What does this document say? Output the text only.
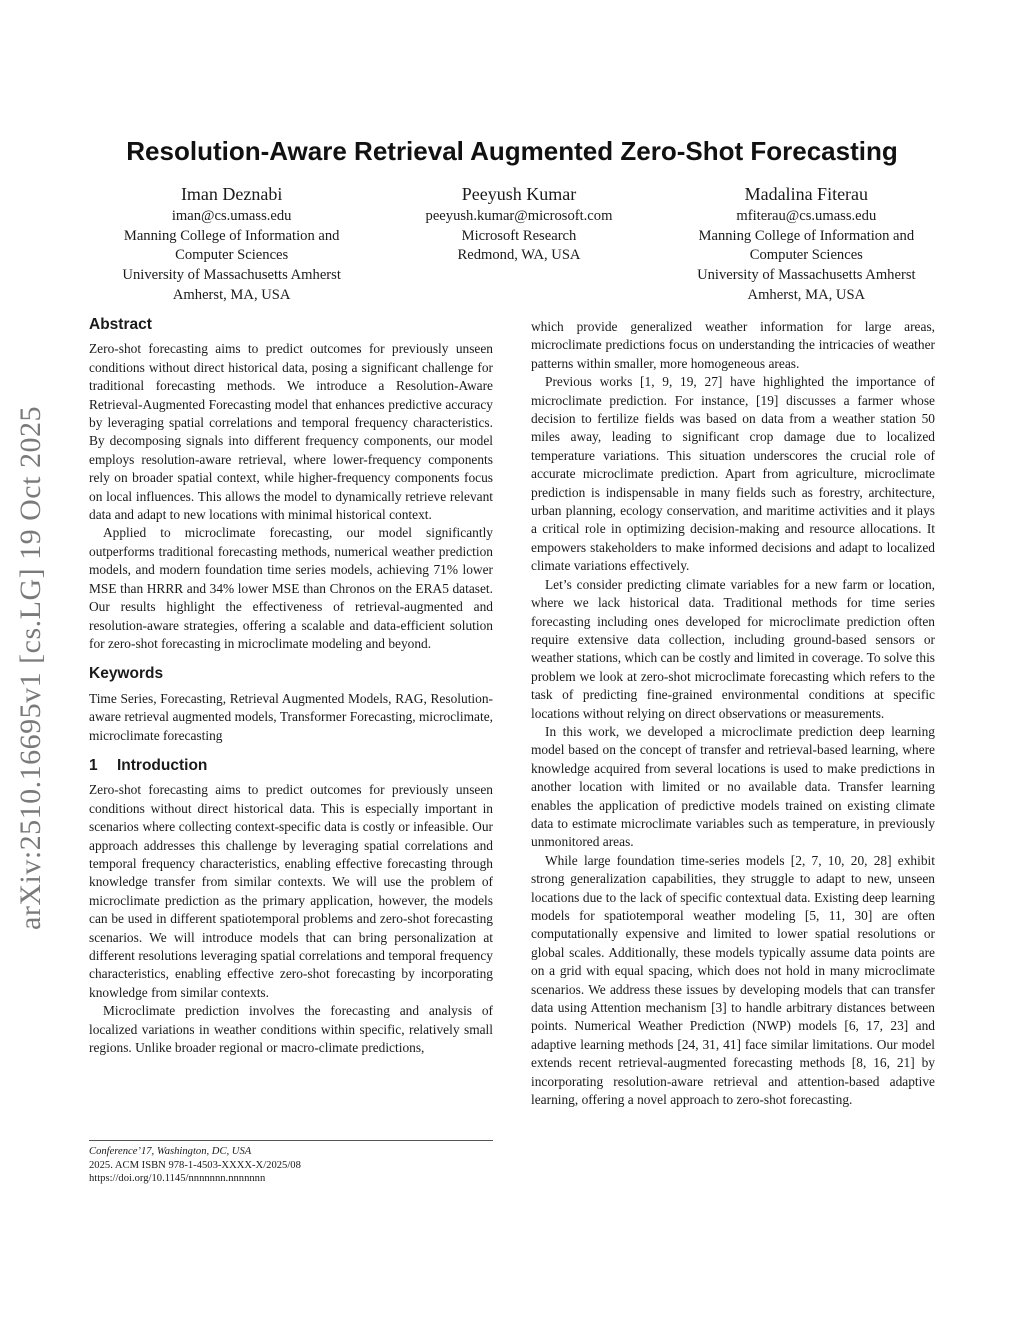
arXiv:2510.16695v1 [cs.LG] 19 Oct 2025
Resolution-Aware Retrieval Augmented Zero-Shot Forecasting
Iman Deznabi
iman@cs.umass.edu
Manning College of Information and
Computer Sciences
University of Massachusetts Amherst
Amherst, MA, USA
Peeyush Kumar
peeyush.kumar@microsoft.com
Microsoft Research
Redmond, WA, USA
Madalina Fiterau
mfiterau@cs.umass.edu
Manning College of Information and
Computer Sciences
University of Massachusetts Amherst
Amherst, MA, USA
Abstract

Zero-shot forecasting aims to predict outcomes for previously unseen conditions without direct historical data, posing a significant challenge for traditional forecasting methods. We introduce a Resolution-Aware Retrieval-Augmented Forecasting model that enhances predictive accuracy by leveraging spatial correlations and temporal frequency characteristics. By decomposing signals into different frequency components, our model employs resolution-aware retrieval, where lower-frequency components rely on broader spatial context, while higher-frequency components focus on local influences. This allows the model to dynamically retrieve relevant data and adapt to new locations with minimal historical context.

Applied to microclimate forecasting, our model significantly outperforms traditional forecasting methods, numerical weather prediction models, and modern foundation time series models, achieving 71% lower MSE than HRRR and 34% lower MSE than Chronos on the ERA5 dataset. Our results highlight the effectiveness of retrieval-augmented and resolution-aware strategies, offering a scalable and data-efficient solution for zero-shot forecasting in microclimate modeling and beyond.

Keywords

Time Series, Forecasting, Retrieval Augmented Models, RAG, Resolution-aware retrieval augmented models, Transformer Forecasting, microclimate, microclimate forecasting

1 Introduction

Zero-shot forecasting aims to predict outcomes for previously unseen conditions without direct historical data. This is especially important in scenarios where collecting context-specific data is costly or infeasible. Our approach addresses this challenge by leveraging spatial correlations and temporal frequency characteristics, enabling effective forecasting through knowledge transfer from similar contexts. We will use the problem of microclimate prediction as the primary application, however, the models can be used in different spatiotemporal problems and zero-shot forecasting scenarios. We will introduce models that can bring personalization at different resolutions leveraging spatial correlations and temporal frequency characteristics, enabling effective zero-shot forecasting by incorporating knowledge from similar contexts.

Microclimate prediction involves the forecasting and analysis of localized variations in weather conditions within specific, relatively small regions. Unlike broader regional or macro-climate predictions,

Conference’17, Washington, DC, USA
2025. ACM ISBN 978-1-4503-XXXX-X/2025/08
https://doi.org/10.1145/nnnnnnn.nnnnnnn

which provide generalized weather information for large areas, microclimate predictions focus on understanding the intricacies of weather patterns within smaller, more homogeneous areas.

Previous works [1, 9, 19, 27] have highlighted the importance of microclimate prediction. For instance, [19] discusses a farmer whose decision to fertilize fields was based on data from a weather station 50 miles away, leading to significant crop damage due to localized temperature variations. This situation underscores the crucial role of accurate microclimate prediction. Apart from agriculture, microclimate prediction is indispensable in many fields such as forestry, architecture, urban planning, ecology conservation, and maritime activities and it plays a critical role in optimizing decision-making and resource allocations. It empowers stakeholders to make informed decisions and adapt to localized climate variations effectively.

Let’s consider predicting climate variables for a new farm or location, where we lack historical data. Traditional methods for time series forecasting including ones developed for microclimate prediction often require extensive data collection, including ground-based sensors or weather stations, which can be costly and limited in coverage. To solve this problem we look at zero-shot microclimate forecasting which refers to the task of predicting fine-grained environmental conditions at specific locations without relying on direct observations or measurements.

In this work, we developed a microclimate prediction deep learning model based on the concept of transfer and retrieval-based learning, where knowledge acquired from several locations is used to make predictions in another location with limited or no available data. Transfer learning enables the application of predictive models trained on existing climate data to estimate microclimate variables such as temperature, in previously unmonitored areas.

While large foundation time-series models [2, 7, 10, 20, 28] exhibit strong generalization capabilities, they struggle to adapt to new, unseen locations due to the lack of specific contextual data. Existing deep learning models for spatiotemporal weather modeling [5, 11, 30] are often computationally expensive and limited to lower spatial resolutions or global scales. Additionally, these models typically assume data points are on a grid with equal spacing, which does not hold in many microclimate scenarios. We address these issues by developing models that can transfer data using Attention mechanism [3] to handle arbitrary distances between points. Numerical Weather Prediction (NWP) models [6, 17, 23] and adaptive learning methods [24, 31, 41] face similar limitations. Our model extends recent retrieval-augmented forecasting methods [8, 16, 21] by incorporating resolution-aware retrieval and attention-based adaptive learning, offering a novel approach to zero-shot forecasting.
